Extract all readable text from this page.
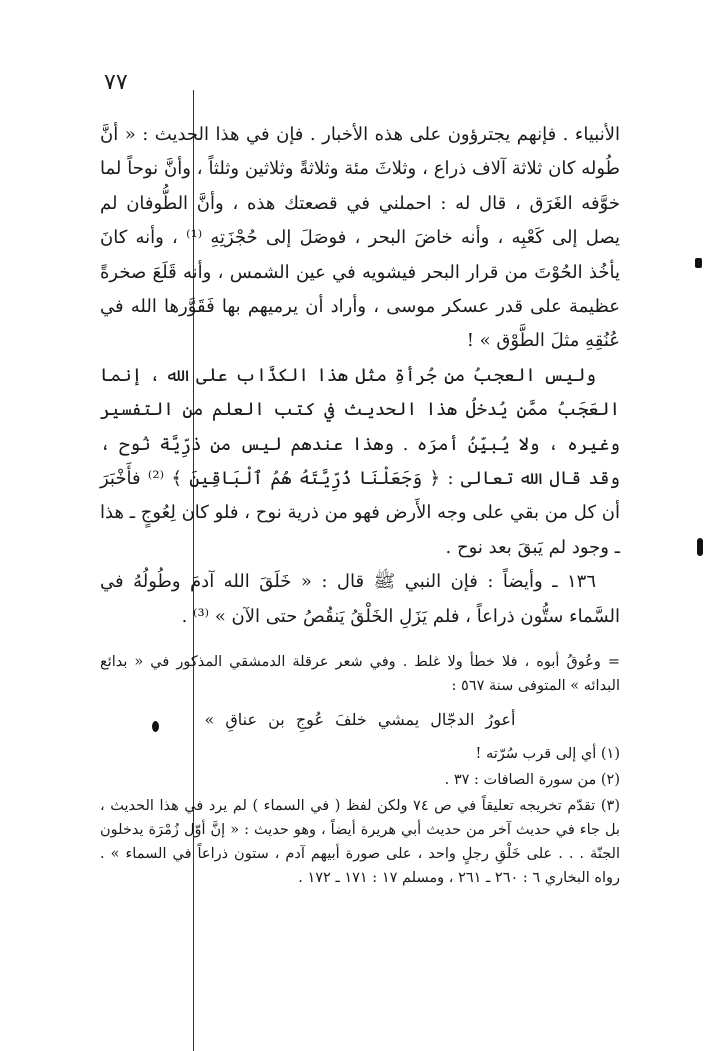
٧٧

الأنبياء . فإنهم يجترؤون على هذه الأخبار . فإن في هذا الحديث : « أنَّ طُوله كان ثلاثة آلاف ذراع ، وثلاثَ مئة وثلاثةً وثلاثين وثلثاً ، وأنَّ نوحاً لما خوَّفه الغَرَق ، قال له : احملني في قصعتك هذه ، وأنَّ الطُّوفان لم يصل إلى كَعْبِه ، وأنه خاضَ البحر ، فوصَلَ إلى حُجْزَتِهِ ⁽¹⁾ ، وأنه كانَ يأخُذ الحُوْتَ من قرار البحر فيشويه في عين الشمس ، وأنه قَلَعَ صخرةً عظيمة على قدر عسكر موسى ، وأراد أن يرميهم بها فَقَوَّرها الله في عُنُقِهِ مثلَ الطَّوْق » !

وليس العجبُ من جُرأةِ مثل هذا الكذَّاب على الله ، إنما العَجَبُ ممَّن يُدخلُ هذا الحديث في كتب العلم من التفسير وغيره ، ولا يُبيِّنُ أمرَه . وهذا عندهم ليس من ذرِّيَّة نُوح ، وقد قال الله تعالى : ﴿ وَجَعَلْنَا ذُرِّيَّتَهُ هُمُ ٱلْبَاقِينَ ﴾ ⁽²⁾ فأَخْبَرَ أن كل من بقي على وجه الأَرض فهو من ذرية نوح ، فلو كان لِعُوجٍ ـ هذا ـ وجود لم يَبقَ بعد نوح .

١٣٦ ـ وأيضاً : فإن النبي ﷺ قال : « خَلَقَ الله آدمَ وطُولُهُ في السَّماء ستُّون ذراعاً ، فلم يَزَلِ الخَلْقُ يَنقُصُ حتى الآن » ⁽³⁾ .

= وعُوقُ أبوه ، فلا خطأ ولا غلط . وفي شعر عرقلة الدمشقي المذكور في « بدائع البدائه » المتوفى سنة ٥٦٧ :

أعورُ الدجّال يمشي خلفَ عُوجِ بن عناقِ »

(١) أي إلى قرب سُرّته !

(٢) من سورة الصافات : ٣٧ .

(٣) تقدّم تخريجه تعليقاً في ص ٧٤ ولكن لفظ ( في السماء ) لم يرد في هذا الحديث ، بل جاء في حديث آخر من حديث أبي هريرة أيضاً ، وهو حديث : « إنَّ أوّل زُمْرَة يدخلون الجنّة . . . على خَلْقِ رجلٍ واحد ، على صورة أبيهم آدم ، ستون ذراعاً في السماء » . رواه البخاري ٦ : ٢٦٠ ـ ٢٦١ ، ومسلم ١٧ : ١٧١ ـ ١٧٢ .
